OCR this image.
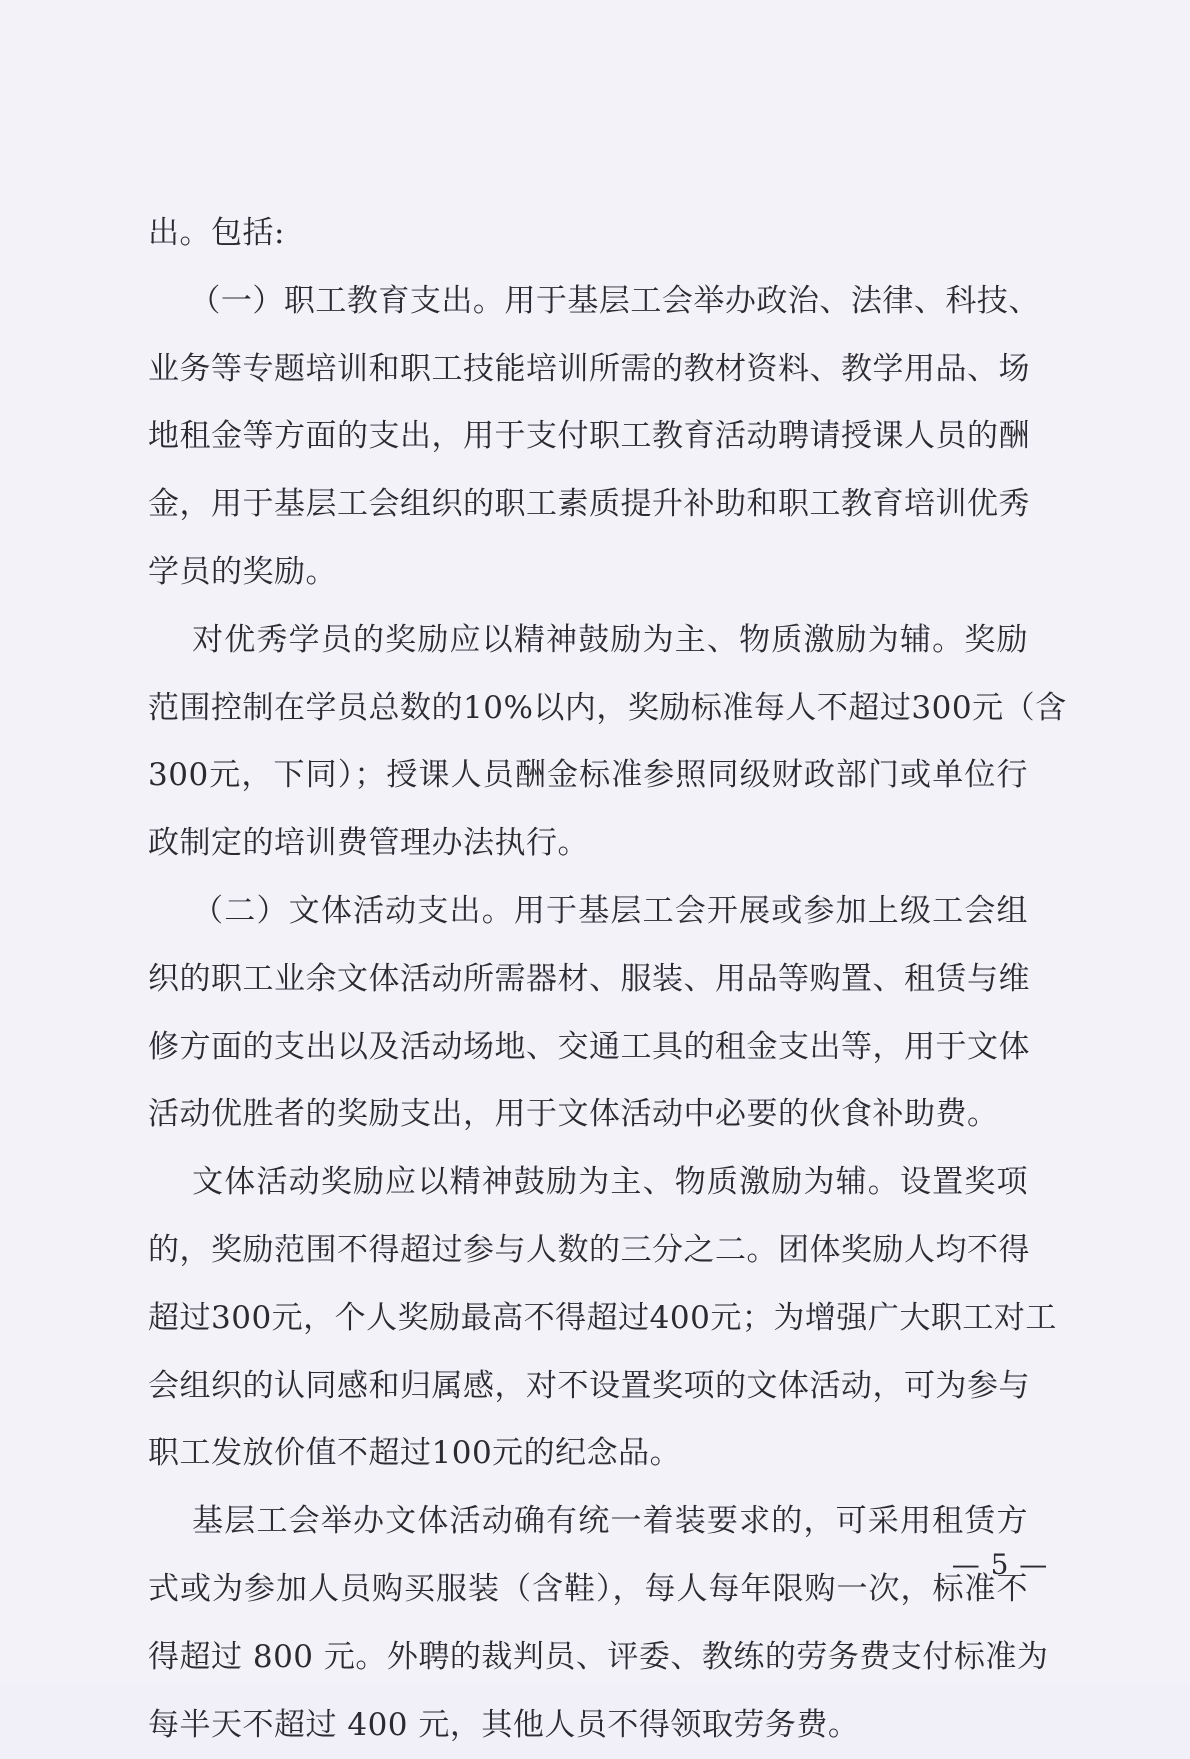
出。包括:
（一）职工教育支出。用于基层工会举办政治、法律、科技、
业务等专题培训和职工技能培训所需的教材资料、教学用品、场
地租金等方面的支出，用于支付职工教育活动聘请授课人员的酬
金，用于基层工会组织的职工素质提升补助和职工教育培训优秀
学员的奖励。
对优秀学员的奖励应以精神鼓励为主、物质激励为辅。奖励
范围控制在学员总数的10%以内，奖励标准每人不超过300元（含
300元，下同）；授课人员酬金标准参照同级财政部门或单位行
政制定的培训费管理办法执行。
（二）文体活动支出。用于基层工会开展或参加上级工会组
织的职工业余文体活动所需器材、服装、用品等购置、租赁与维
修方面的支出以及活动场地、交通工具的租金支出等，用于文体
活动优胜者的奖励支出，用于文体活动中必要的伙食补助费。
文体活动奖励应以精神鼓励为主、物质激励为辅。设置奖项
的，奖励范围不得超过参与人数的三分之二。团体奖励人均不得
超过300元，个人奖励最高不得超过400元；为增强广大职工对工
会组织的认同感和归属感，对不设置奖项的文体活动，可为参与
职工发放价值不超过100元的纪念品。
基层工会举办文体活动确有统一着装要求的，可采用租赁方
式或为参加人员购买服装（含鞋），每人每年限购一次，标准不
得超过 800 元。外聘的裁判员、评委、教练的劳务费支付标准为
每半天不超过 400 元，其他人员不得领取劳务费。
— 5 —
